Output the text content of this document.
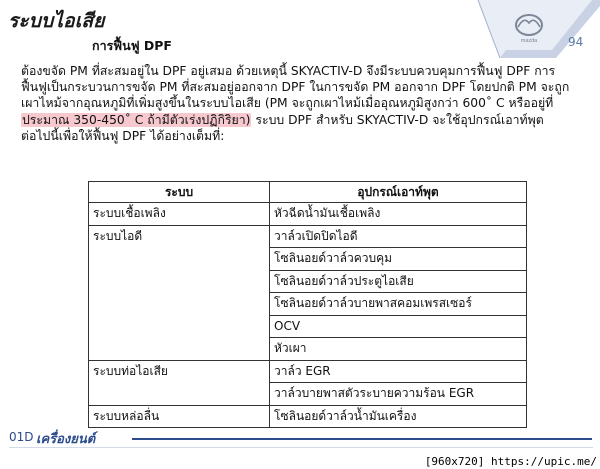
ระบบไอเสีย
mazda	94
การฟื้นฟู DPF
ต้องขจัด PM ที่สะสมอยู่ใน DPF อยู่เสมอ ด้วยเหตุนี้ SKYACTIV-D จึงมีระบบควบคุมการฟื้นฟู DPF การ
ฟื้นฟูเป็นกระบวนการขจัด PM ที่สะสมอยู่ออกจาก DPF ในการขจัด PM ออกจาก DPF โดยปกติ PM จะถูก
เผาไหม้จากอุณหภูมิที่เพิ่มสูงขึ้นในระบบไอเสีย (PM จะถูกเผาไหม้เมื่ออุณหภูมิสูงกว่า 600˚ C หรืออยู่ที่
ประมาณ 350-450˚ C ถ้ามีตัวเร่งปฏิกิริยา) ระบบ DPF สำหรับ SKYACTIV-D จะใช้อุปกรณ์เอาท์พุต
ต่อไปนี้เพื่อให้ฟื้นฟู DPF ได้อย่างเต็มที่:
ระบบ	อุปกรณ์เอาท์พุต
ระบบเชื้อเพลิง	หัวฉีดน้ำมันเชื้อเพลิง
ระบบไอดี	วาล์วเปิดปิดไอดี
	โซลินอยด์วาล์วควบคุม
	โซลินอยด์วาล์วประตูไอเสีย
	โซลินอยด์วาล์วบายพาสคอมเพรสเซอร์
	OCV
	หัวเผา
ระบบท่อไอเสีย	วาล์ว EGR
	วาล์วบายพาสตัวระบายความร้อน EGR
ระบบหล่อลื่น	โซลินอยด์วาล์วน้ำมันเครื่อง
01D เครื่องยนต์
[960x720] https://upic.me/
